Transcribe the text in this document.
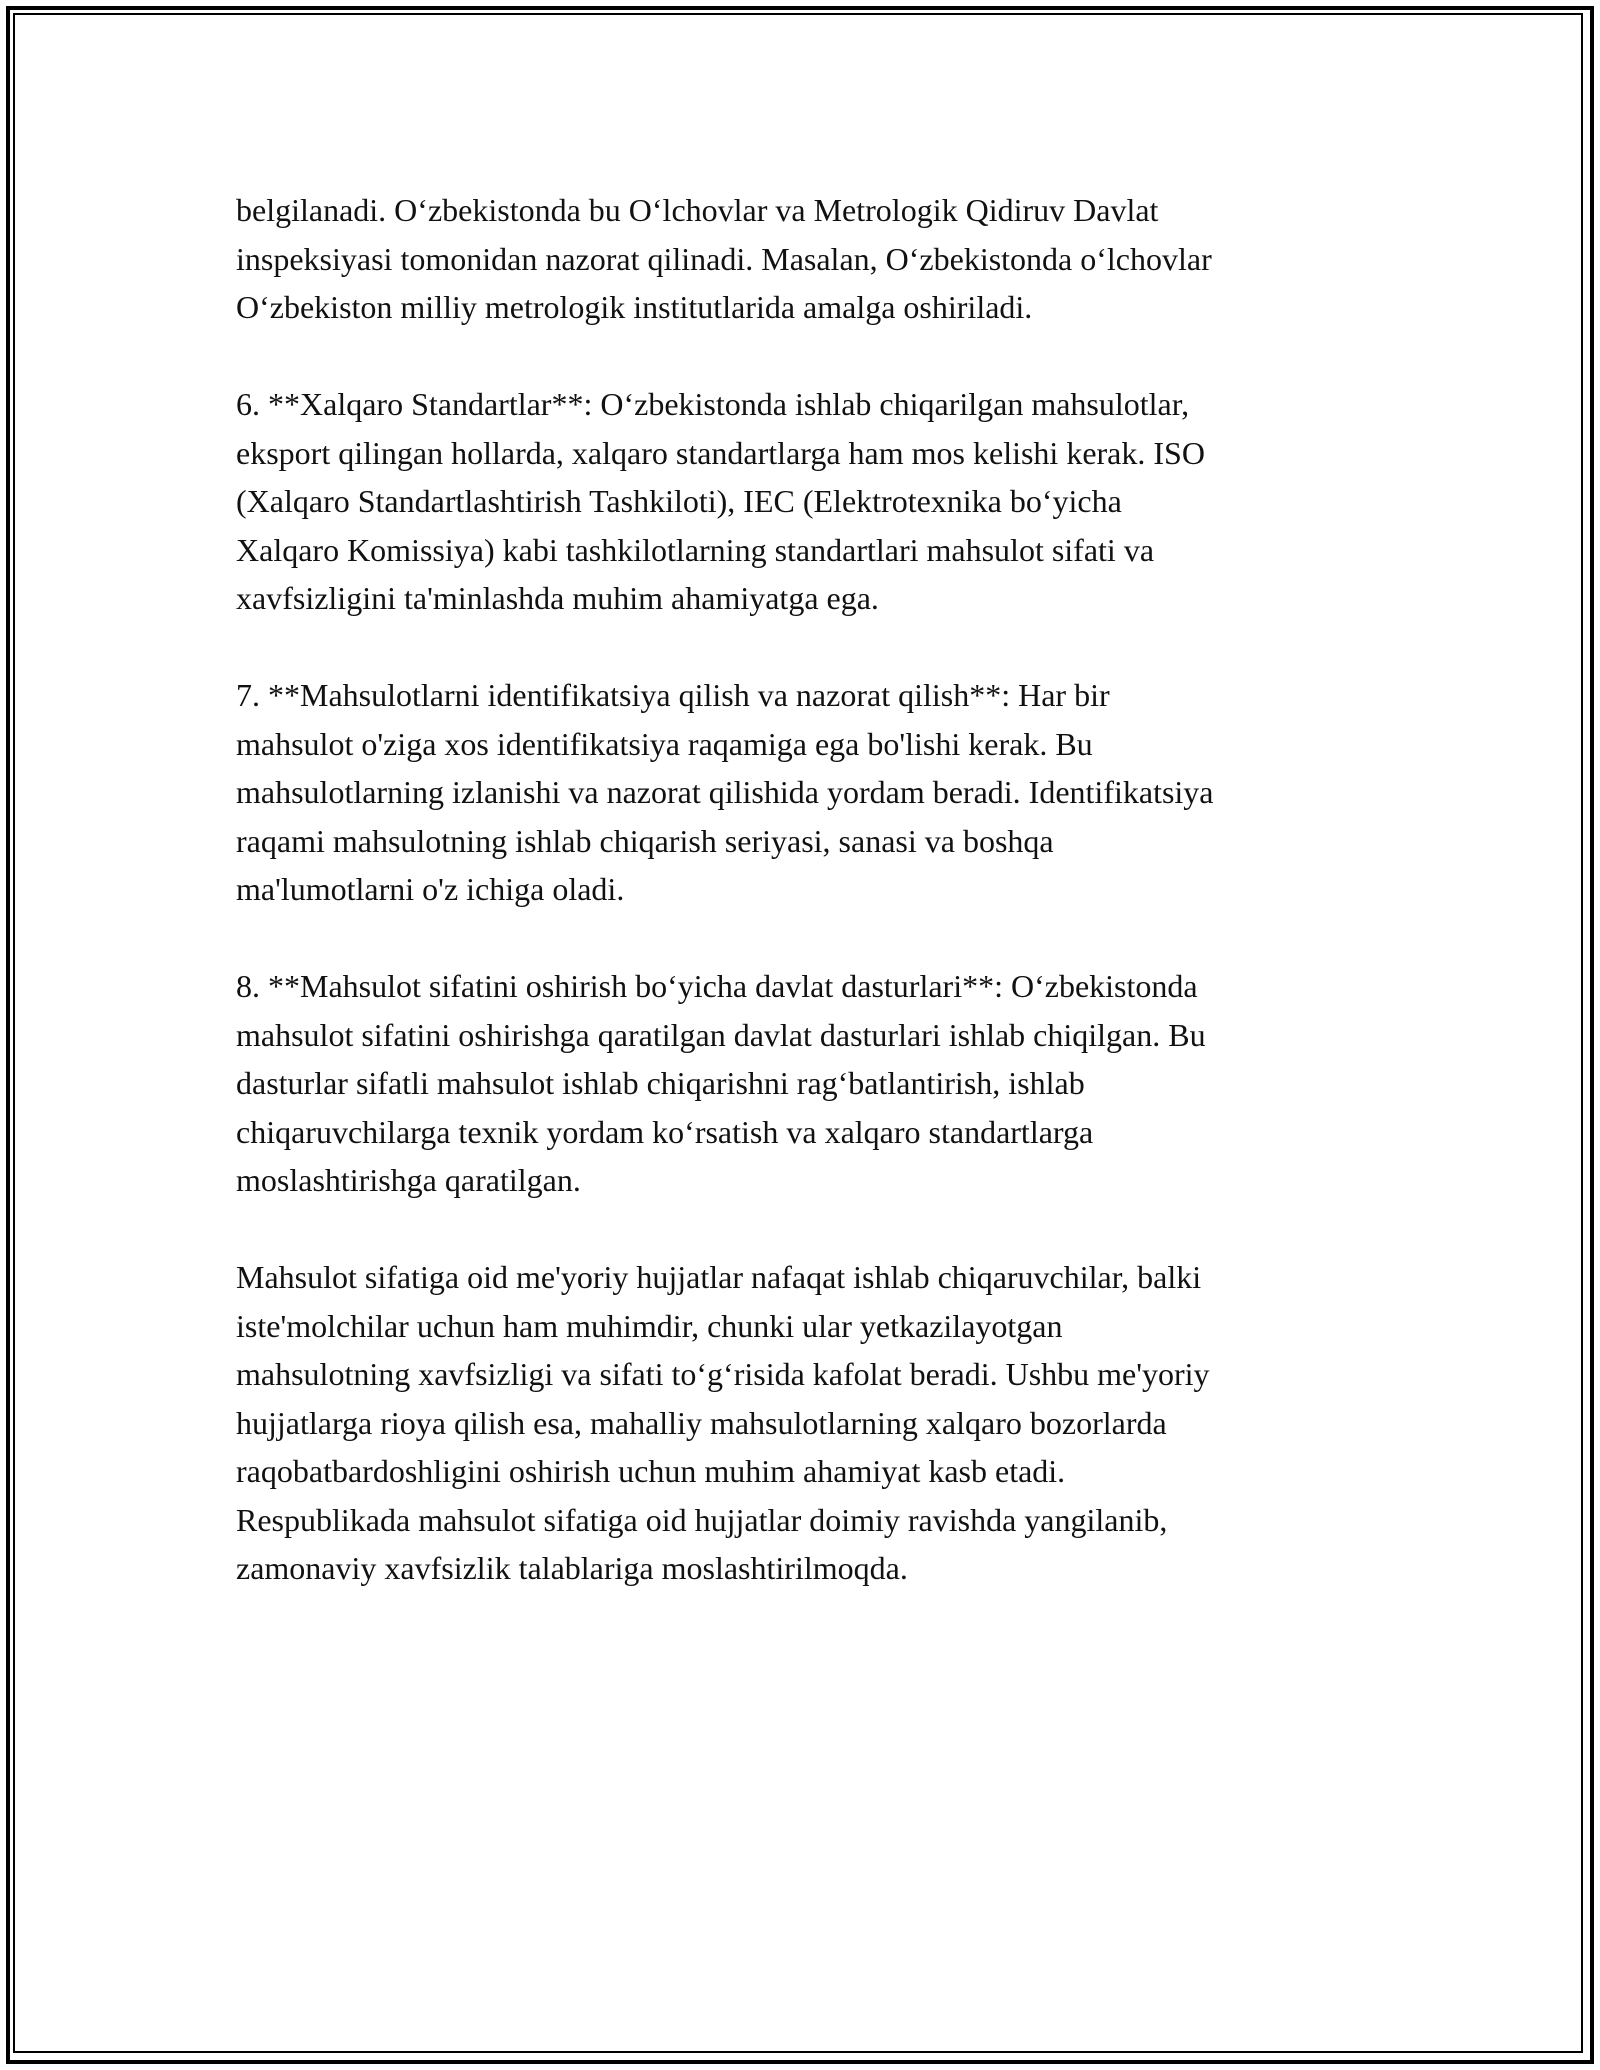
belgilanadi. O‘zbekistonda bu O‘lchovlar va Metrologik Qidiruv Davlat
inspeksiyasi tomonidan nazorat qilinadi. Masalan, O‘zbekistonda o‘lchovlar
O‘zbekiston milliy metrologik institutlarida amalga oshiriladi.

6. **Xalqaro Standartlar**: O‘zbekistonda ishlab chiqarilgan mahsulotlar,
eksport qilingan hollarda, xalqaro standartlarga ham mos kelishi kerak. ISO
(Xalqaro Standartlashtirish Tashkiloti), IEC (Elektrotexnika bo‘yicha
Xalqaro Komissiya) kabi tashkilotlarning standartlari mahsulot sifati va
xavfsizligini ta'minlashda muhim ahamiyatga ega.

7. **Mahsulotlarni identifikatsiya qilish va nazorat qilish**: Har bir
mahsulot o'ziga xos identifikatsiya raqamiga ega bo'lishi kerak. Bu
mahsulotlarning izlanishi va nazorat qilishida yordam beradi. Identifikatsiya
raqami mahsulotning ishlab chiqarish seriyasi, sanasi va boshqa
ma'lumotlarni o'z ichiga oladi.

8. **Mahsulot sifatini oshirish bo‘yicha davlat dasturlari**: O‘zbekistonda
mahsulot sifatini oshirishga qaratilgan davlat dasturlari ishlab chiqilgan. Bu
dasturlar sifatli mahsulot ishlab chiqarishni rag‘batlantirish, ishlab
chiqaruvchilarga texnik yordam ko‘rsatish va xalqaro standartlarga
moslashtirishga qaratilgan.

Mahsulot sifatiga oid me'yoriy hujjatlar nafaqat ishlab chiqaruvchilar, balki
iste'molchilar uchun ham muhimdir, chunki ular yetkazilayotgan
mahsulotning xavfsizligi va sifati to‘g‘risida kafolat beradi. Ushbu me'yoriy
hujjatlarga rioya qilish esa, mahalliy mahsulotlarning xalqaro bozorlarda
raqobatbardoshligini oshirish uchun muhim ahamiyat kasb etadi.
Respublikada mahsulot sifatiga oid hujjatlar doimiy ravishda yangilanib,
zamonaviy xavfsizlik talablariga moslashtirilmoqda.
